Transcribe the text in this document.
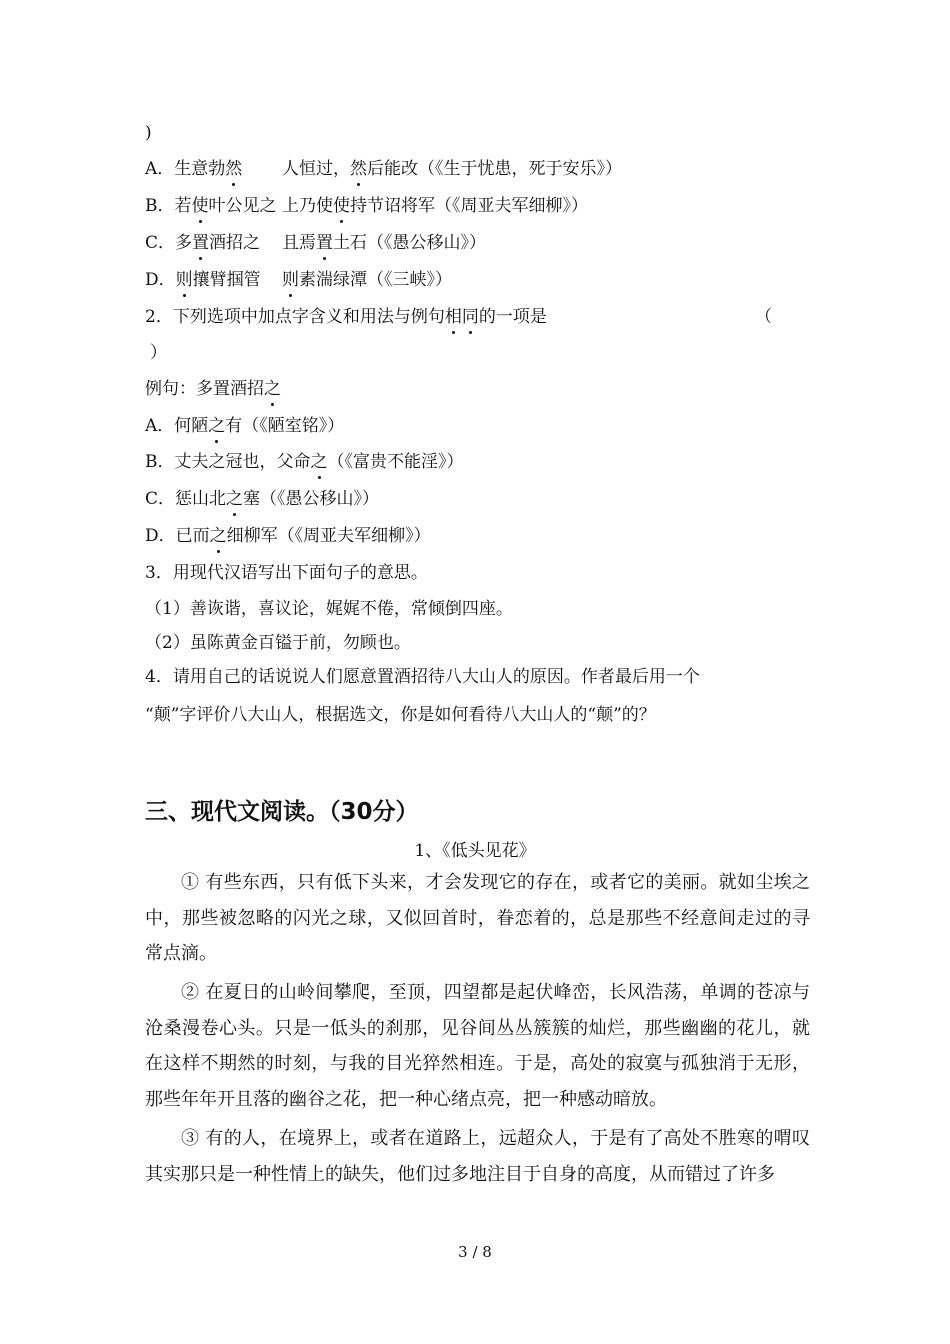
)
A．生意勃然 人恒过，然后能改（《生于忧患，死于安乐》）
B．若使叶公见之 上乃使使持节诏将军（《周亚夫军细柳》）
C．多置酒招之 且焉置土石（《愚公移山》）
D．则攘臂掴管 则素湍绿潭（《三峡》）
2．下列选项中加点字含义和用法与例句相同的一项是	（
）
例句：多置酒招之
A．何陋之有（《陋室铭》）
B．丈夫之冠也，父命之（《富贵不能淫》）
C．惩山北之塞（《愚公移山》）
D．已而之细柳军（《周亚夫军细柳》）
3．用现代汉语写出下面句子的意思。
（1）善诙谐，喜议论，娓娓不倦，常倾倒四座。
（2）虽陈黄金百镒于前，勿顾也。
4．请用自己的话说说人们愿意置酒招待八大山人的原因。作者最后用一个
“颠”字评价八大山人，根据选文，你是如何看待八大山人的“颠”的？
三、现代文阅读。（30分）
1、《低头见花》
① 有些东西，只有低下头来，才会发现它的存在，或者它的美丽。就如尘埃之中，那些被忽略的闪光之球，又似回首时，眷恋着的，总是那些不经意间走过的寻常点滴。
② 在夏日的山岭间攀爬，至顶，四望都是起伏峰峦，长风浩荡，单调的苍凉与沧桑漫卷心头。只是一低头的刹那，见谷间丛丛簇簇的灿烂，那些幽幽的花儿，就在这样不期然的时刻，与我的目光猝然相连。于是，高处的寂寞与孤独消于无形，那些年年开且落的幽谷之花，把一种心绪点亮，把一种感动暗放。
③ 有的人，在境界上，或者在道路上，远超众人，于是有了高处不胜寒的喟叹其实那只是一种性情上的缺失，他们过多地注目于自身的高度，从而错过了许多
3 / 8
